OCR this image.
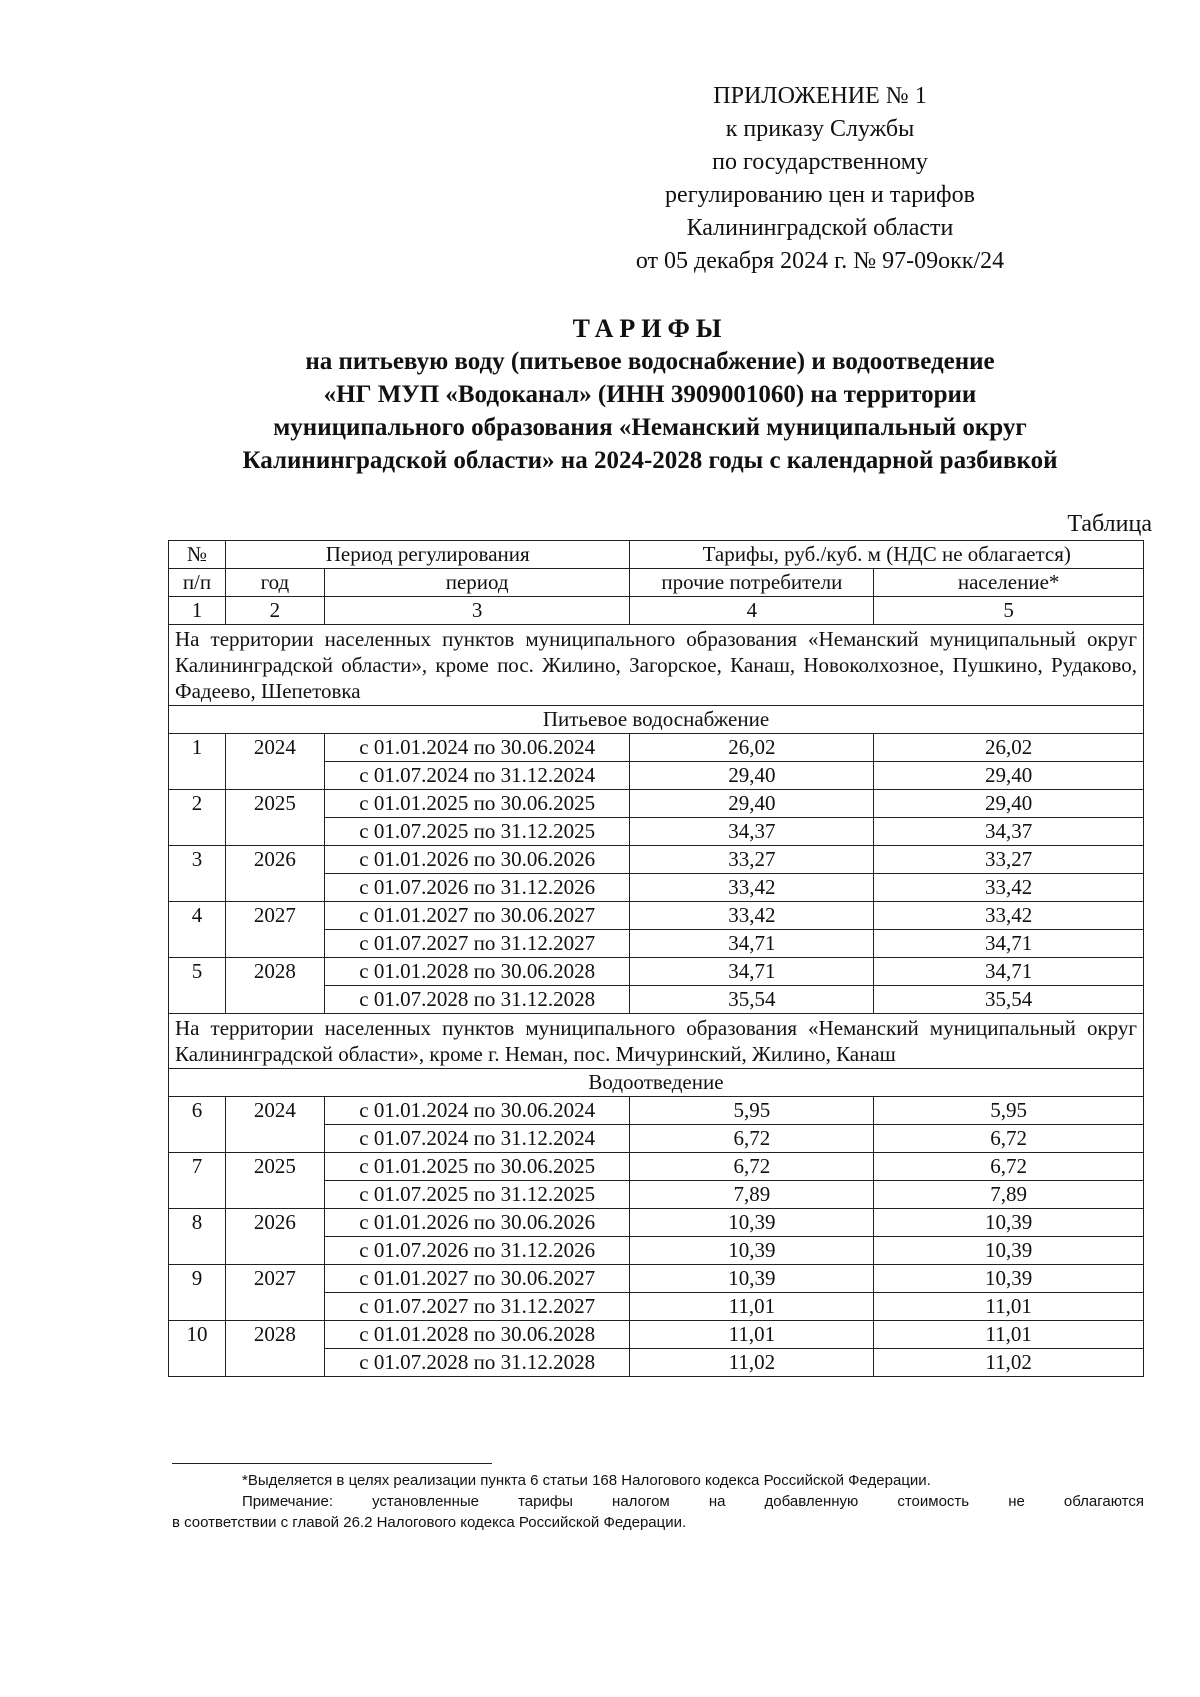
ПРИЛОЖЕНИЕ № 1
к приказу Службы
по государственному
регулированию цен и тарифов
Калининградской области
от 05 декабря 2024 г. № 97-09окк/24
ТАРИФЫ
на питьевую воду (питьевое водоснабжение) и водоотведение
«НГ МУП «Водоканал» (ИНН 3909001060) на территории
муниципального образования «Неманский муниципальный округ
Калининградской области» на 2024-2028 годы с календарной разбивкой
Таблица
№	Период регулирования		Тарифы, руб./куб. м (НДС не облагается)	
п/п	год	период	прочие потребители	население*
1	2	3	4	5
На территории населенных пунктов муниципального образования «Неманский муниципальный округ Калининградской области», кроме пос. Жилино, Загорское, Канаш, Новоколхозное, Пушкино, Рудаково, Фадеево, Шепетовка				
Питьевое водоснабжение				
1	2024	с 01.01.2024 по 30.06.2024	26,02	26,02
		с 01.07.2024 по 31.12.2024	29,40	29,40
2	2025	с 01.01.2025 по 30.06.2025	29,40	29,40
		с 01.07.2025 по 31.12.2025	34,37	34,37
3	2026	с 01.01.2026 по 30.06.2026	33,27	33,27
		с 01.07.2026 по 31.12.2026	33,42	33,42
4	2027	с 01.01.2027 по 30.06.2027	33,42	33,42
		с 01.07.2027 по 31.12.2027	34,71	34,71
5	2028	с 01.01.2028 по 30.06.2028	34,71	34,71
		с 01.07.2028 по 31.12.2028	35,54	35,54
На территории населенных пунктов муниципального образования «Неманский муниципальный округ Калининградской области», кроме г. Неман, пос. Мичуринский, Жилино, Канаш				
Водоотведение				
6	2024	с 01.01.2024 по 30.06.2024	5,95	5,95
		с 01.07.2024 по 31.12.2024	6,72	6,72
7	2025	с 01.01.2025 по 30.06.2025	6,72	6,72
		с 01.07.2025 по 31.12.2025	7,89	7,89
8	2026	с 01.01.2026 по 30.06.2026	10,39	10,39
		с 01.07.2026 по 31.12.2026	10,39	10,39
9	2027	с 01.01.2027 по 30.06.2027	10,39	10,39
		с 01.07.2027 по 31.12.2027	11,01	11,01
10	2028	с 01.01.2028 по 30.06.2028	11,01	11,01
		с 01.07.2028 по 31.12.2028	11,02	11,02
*Выделяется в целях реализации пункта 6 статьи 168 Налогового кодекса Российской Федерации.
Примечание: установленные тарифы налогом на добавленную стоимость не облагаются
в соответствии с главой 26.2 Налогового кодекса Российской Федерации.
